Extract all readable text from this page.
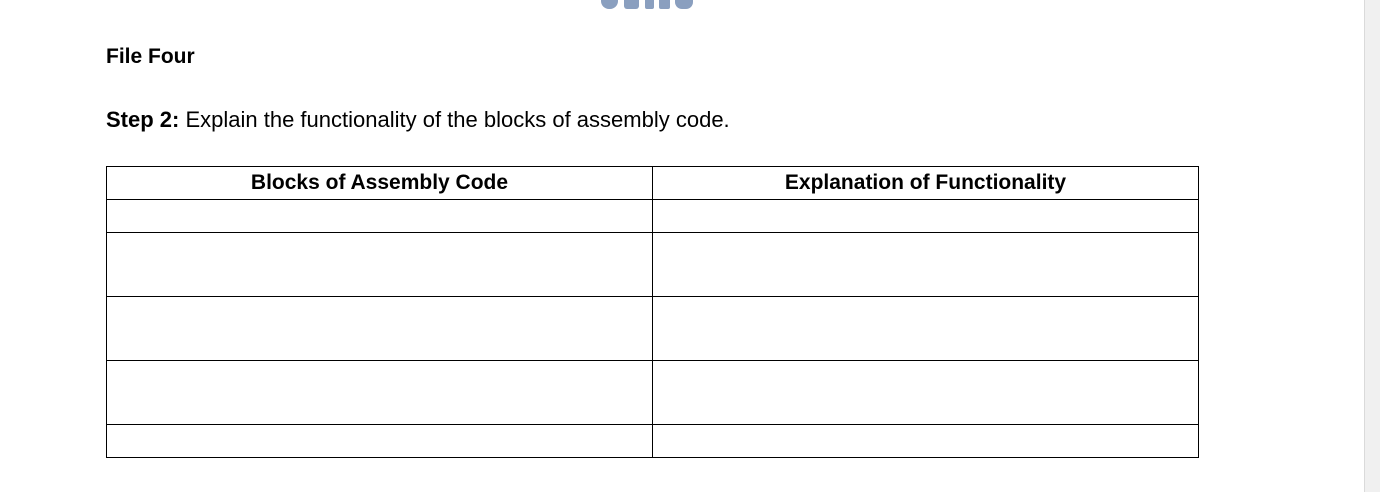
File Four
Step 2: Explain the functionality of the blocks of assembly code.
Blocks of Assembly Code	Explanation of Functionality
